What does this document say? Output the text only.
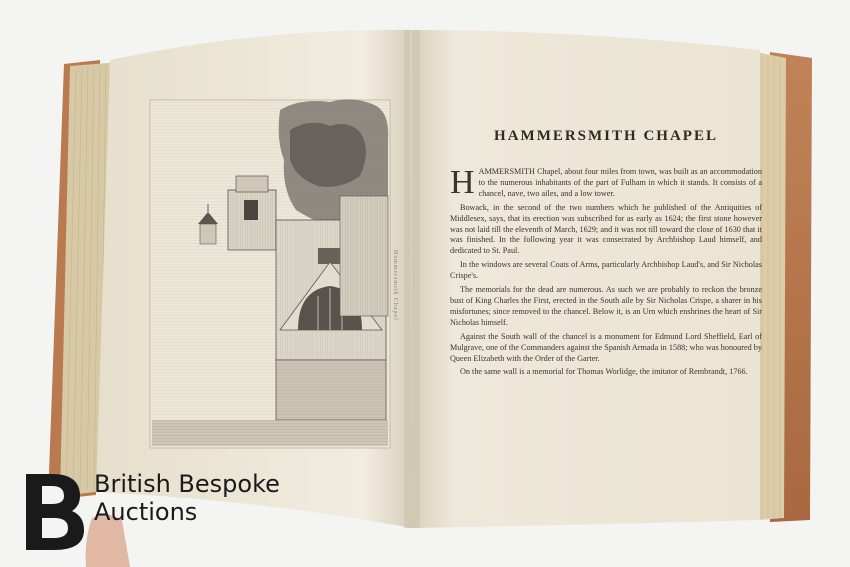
HAMMERSMITH CHAPEL

HAMMERSMITH Chapel, about four miles from town, was built as an accommodation to the numerous inhabitants of the part of Fulham in which it stands. It consists of a chancel, nave, two ailes, and a low tower.

Bowack, in the second of the two numbers which he published of the Antiquities of Middlesex, says, that its erection was subscribed for as early as 1624; the first stone however was not laid till the eleventh of March, 1629; and it was not till toward the close of 1630 that it was finished. In the following year it was consecrated by Archbishop Laud himself, and dedicated to St. Paul.

In the windows are several Coats of Arms, particularly Archbishop Laud's, and Sir Nicholas Crispe's.

The memorials for the dead are numerous. As such we are probably to reckon the bronze bust of King Charles the First, erected in the South aile by Sir Nicholas Crispe, a sharer in his misfortunes; since removed to the chancel. Below it, is an Urn which enshrines the heart of Sir Nicholas himself.

Against the South wall of the chancel is a monument for Edmund Lord Sheffield, Earl of Mulgrave, one of the Commanders against the Spanish Armada in 1588; who was honoured by Queen Elizabeth with the Order of the Garter.

On the same wall is a memorial for Thomas Worlidge, the imitator of Rembrandt, 1766.

Hammersmith Chapel
British Bespoke
Auctions
